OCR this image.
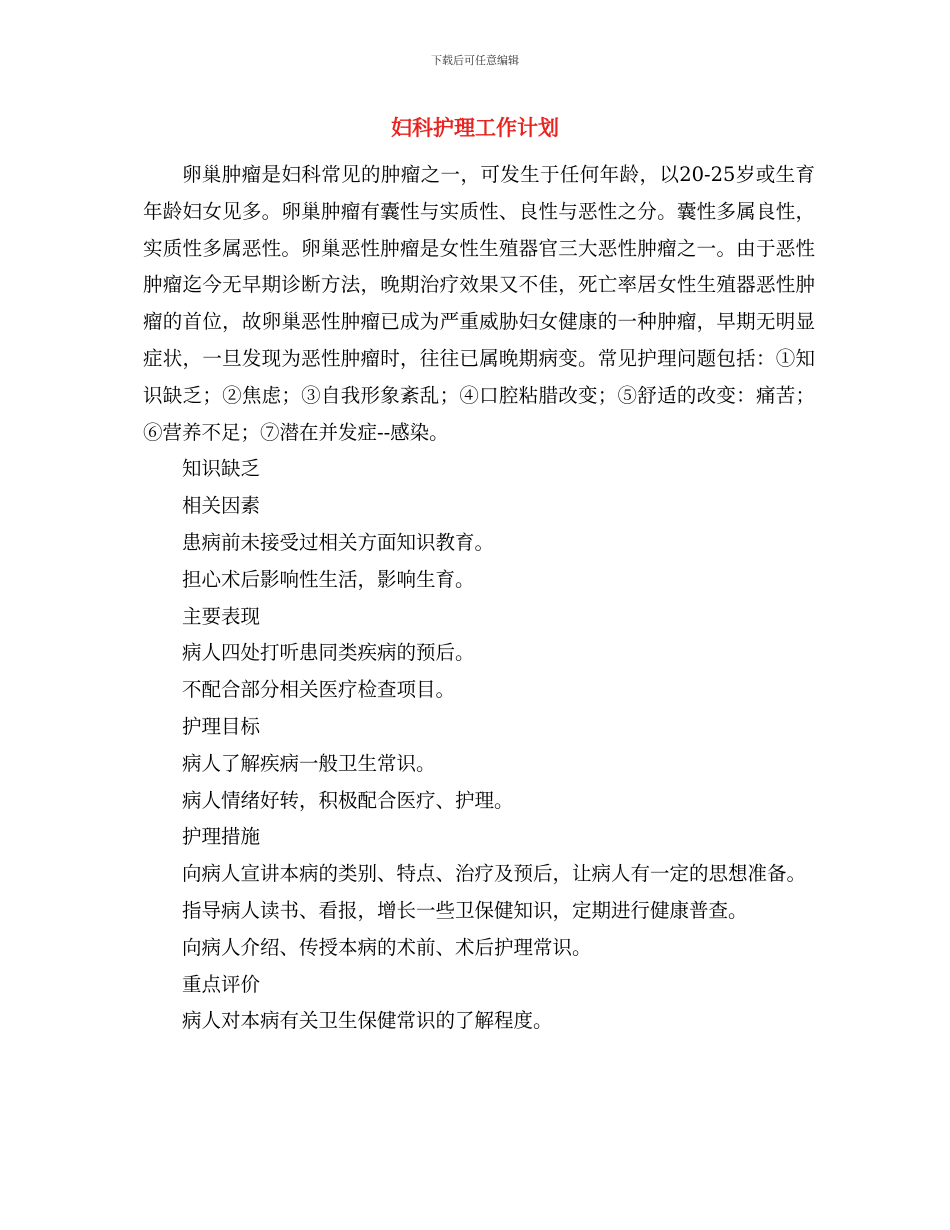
下载后可任意编辑
妇科护理工作计划

卵巢肿瘤是妇科常见的肿瘤之一，可发生于任何年龄，以20-25岁或生育年龄妇女见多。卵巢肿瘤有囊性与实质性、良性与恶性之分。囊性多属良性，实质性多属恶性。卵巢恶性肿瘤是女性生殖器官三大恶性肿瘤之一。由于恶性肿瘤迄今无早期诊断方法，晚期治疗效果又不佳，死亡率居女性生殖器恶性肿瘤的首位，故卵巢恶性肿瘤已成为严重威胁妇女健康的一种肿瘤，早期无明显症状，一旦发现为恶性肿瘤时，往往已属晚期病变。常见护理问题包括：①知识缺乏；②焦虑；③自我形象紊乱；④口腔粘腊改变；⑤舒适的改变：痛苦；⑥营养不足；⑦潜在并发症--感染。

知识缺乏

相关因素

患病前未接受过相关方面知识教育。

担心术后影响性生活，影响生育。

主要表现

病人四处打听患同类疾病的预后。

不配合部分相关医疗检查项目。

护理目标

病人了解疾病一般卫生常识。

病人情绪好转，积极配合医疗、护理。

护理措施

向病人宣讲本病的类别、特点、治疗及预后，让病人有一定的思想准备。

指导病人读书、看报，增长一些卫保健知识，定期进行健康普查。

向病人介绍、传授本病的术前、术后护理常识。

重点评价

病人对本病有关卫生保健常识的了解程度。
